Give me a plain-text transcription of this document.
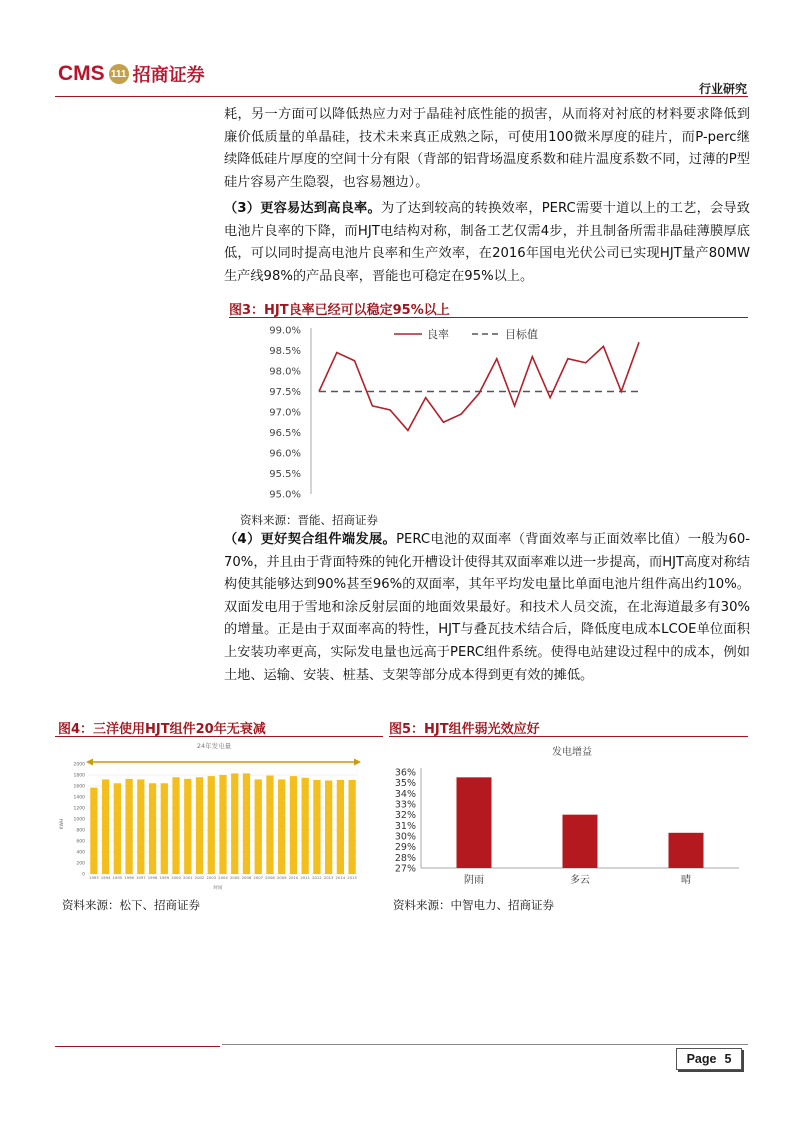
CMS 111 招商证券
行业研究
耗，另一方面可以降低热应力对于晶硅衬底性能的损害，从而将对衬底的材料要求降低到廉价低质量的单晶硅，技术未来真正成熟之际，可使用100微米厚度的硅片，而P-perc继续降低硅片厚度的空间十分有限（背部的铝背场温度系数和硅片温度系数不同，过薄的P型硅片容易产生隐裂，也容易翘边）。
（3）更容易达到高良率。为了达到较高的转换效率，PERC需要十道以上的工艺，会导致电池片良率的下降，而HJT电结构对称，制备工艺仅需4步，并且制备所需非晶硅薄膜厚底低，可以同时提高电池片良率和生产效率，在2016年国电光伏公司已实现HJT量产80MW生产线98%的产品良率，晋能也可稳定在95%以上。
图3：HJT良率已经可以稳定95%以上
99.0%
98.5%
98.0%
97.5%
97.0%
96.5%
96.0%
95.5%
95.0%
良率	目标值
资料来源：晋能、招商证券
（4）更好契合组件端发展。PERC电池的双面率（背面效率与正面效率比值）一般为60-70%，并且由于背面特殊的钝化开槽设计使得其双面率难以进一步提高，而HJT高度对称结构使其能够达到90%甚至96%的双面率，其年平均发电量比单面电池片组件高出约10%。双面发电用于雪地和涂反射层面的地面效果最好。和技术人员交流，在北海道最多有30%的增量。正是由于双面率高的特性，HJT与叠瓦技术结合后，降低度电成本LCOE单位面积上安装功率更高，实际发电量也远高于PERC组件系统。使得电站建设过程中的成本，例如土地、运输、安装、桩基、支架等部分成本得到更有效的摊低。
图4：三洋使用HJT组件20年无衰减
24年发电量
2000
1800
1600
1400
1200
1000
800
600
400
200
0
KWH
1993 1994 1995 1996 1997 1998 1999 2000 2001 2002 2003 2004 2005 2006 2007 2008 2009 2010 2011 2012 2013 2014 2015
时间
资料来源：松下、招商证券
图5：HJT组件弱光效应好
发电增益
36%
35%
34%
33%
32%
31%
30%
29%
28%
27%
阴雨	多云	晴
资料来源：中智电力、招商证券
Page 5
